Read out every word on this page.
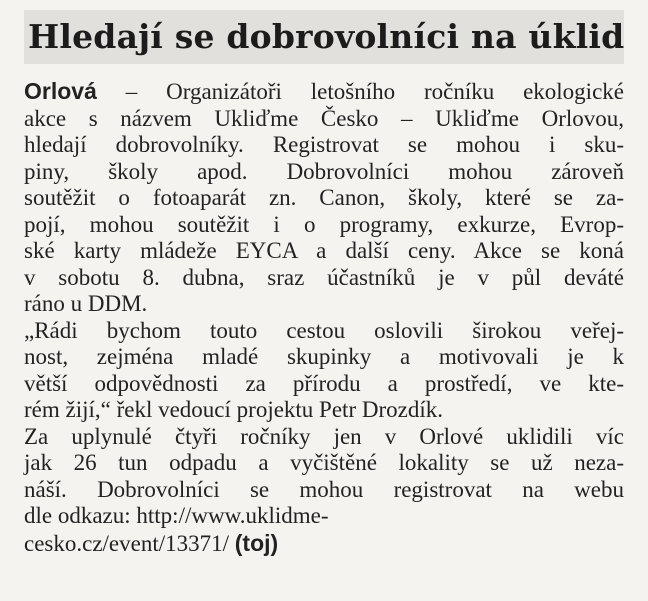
Hledají se dobrovolníci na úklid
Orlová – Organizátoři letošního ročníku ekologické
akce s názvem Ukliďme Česko – Ukliďme Orlovou,
hledají dobrovolníky. Registrovat se mohou i sku-
piny, školy apod. Dobrovolníci mohou zároveň
soutěžit o fotoaparát zn. Canon, školy, které se za-
pojí, mohou soutěžit i o programy, exkurze, Evrop-
ské karty mládeže EYCA a další ceny. Akce se koná
v sobotu 8. dubna, sraz účastníků je v půl deváté
ráno u DDM.
„Rádi bychom touto cestou oslovili širokou veřej-
nost, zejména mladé skupinky a motivovali je k
větší odpovědnosti za přírodu a prostředí, ve kte-
rém žijí,“ řekl vedoucí projektu Petr Drozdík.
Za uplynulé čtyři ročníky jen v Orlové uklidili víc
jak 26 tun odpadu a vyčištěné lokality se už neza-
náší. Dobrovolníci se mohou registrovat na webu
dle odkazu: http://www.uklidme-
cesko.cz/event/13371/ (toj)
